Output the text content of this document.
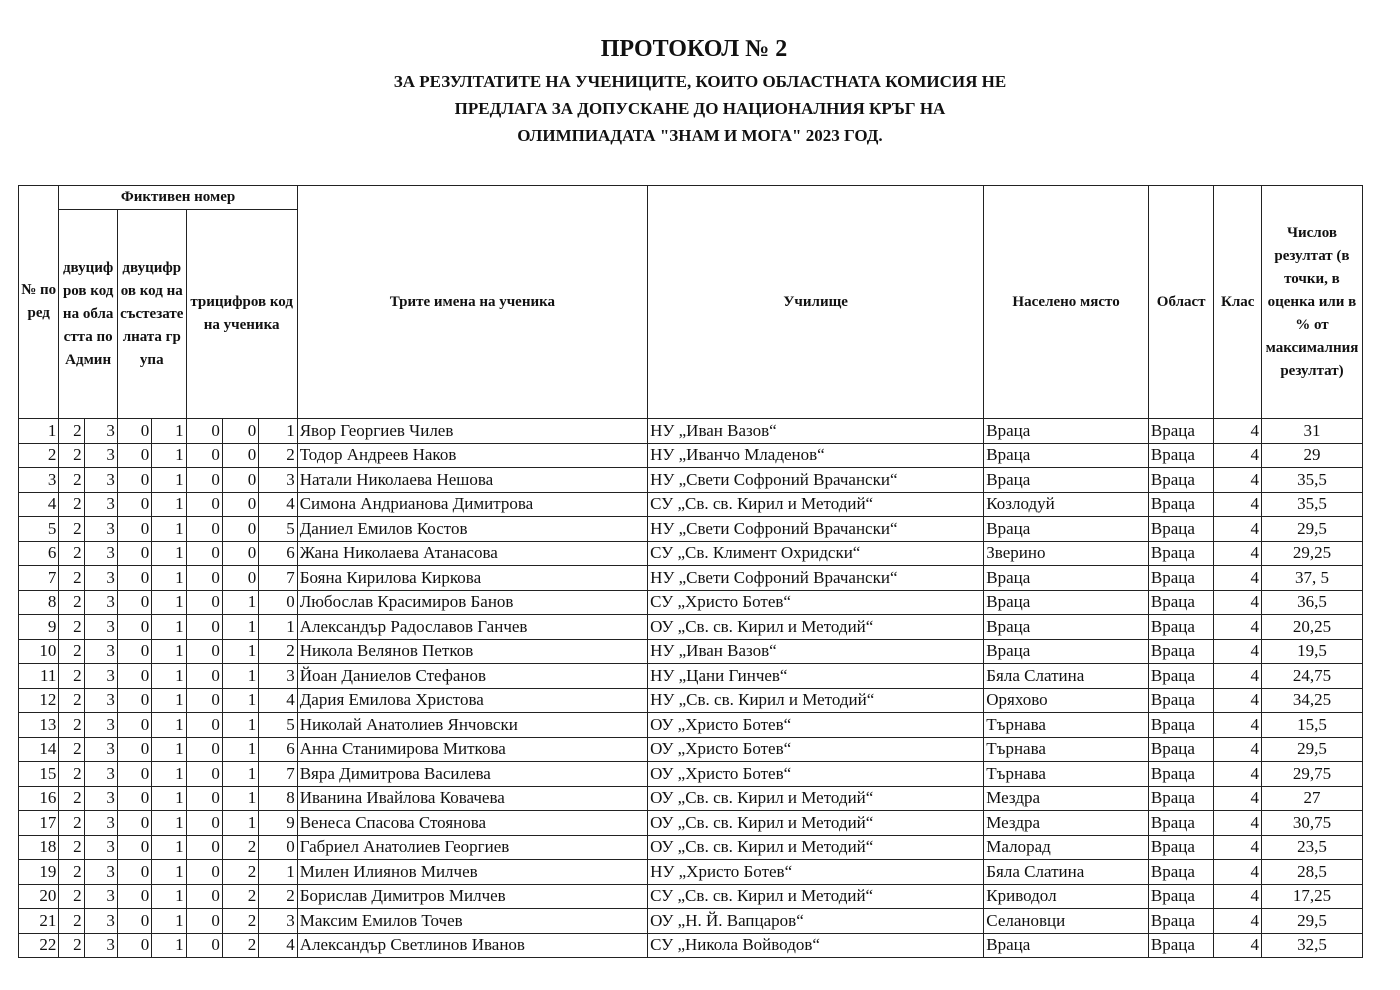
ПРОТОКОЛ № 2
ЗА РЕЗУЛТАТИТЕ НА УЧЕНИЦИТЕ, КОИТО ОБЛАСТНАТА КОМИСИЯ НЕ
ПРЕДЛАГА ЗА ДОПУСКАНЕ ДО НАЦИОНАЛНИЯ КРЪГ НА
ОЛИМПИАДАТА "ЗНАМ И МОГА" 2023 ГОД.
№ по ред	Фиктивен номер							Трите имена на ученика	Училище	Населено място	Област	Клас	Числов резултат (в точки, в оценка или в % от максималния резултат)

	двуцифров код на областта по Админ		двуцифров код на състезателната група		трицифров код на ученика								
1	2	3	0	1	0	0	1	Явор Георгиев Чилев	НУ „Иван Вазов“	Враца	Враца	4	31
2	2	3	0	1	0	0	2	Тодор Андреев Наков	НУ „Иванчо Младенов“	Враца	Враца	4	29
3	2	3	0	1	0	0	3	Натали Николаева Нешова	НУ „Свети Софроний Врачански“	Враца	Враца	4	35,5
4	2	3	0	1	0	0	4	Симона Андрианова Димитрова	СУ „Св. св. Кирил и Методий“	Козлодуй	Враца	4	35,5
5	2	3	0	1	0	0	5	Даниел Емилов Костов	НУ „Свети Софроний Врачански“	Враца	Враца	4	29,5
6	2	3	0	1	0	0	6	Жана Николаева Атанасова	СУ „Св. Климент Охридски“	Зверино	Враца	4	29,25
7	2	3	0	1	0	0	7	Бояна Кирилова Киркова	НУ „Свети Софроний Врачански“	Враца	Враца	4	37, 5
8	2	3	0	1	0	1	0	Любослав Красимиров Банов	СУ „Христо Ботев“	Враца	Враца	4	36,5
9	2	3	0	1	0	1	1	Александър Радославов Ганчев	ОУ „Св. св. Кирил и Методий“	Враца	Враца	4	20,25
10	2	3	0	1	0	1	2	Никола Велянов Петков	НУ „Иван Вазов“	Враца	Враца	4	19,5
11	2	3	0	1	0	1	3	Йоан Даниелов Стефанов	НУ „Цани Гинчев“	Бяла Слатина	Враца	4	24,75
12	2	3	0	1	0	1	4	Дария Емилова Христова	НУ „Св. св. Кирил и Методий“	Оряхово	Враца	4	34,25
13	2	3	0	1	0	1	5	Николай Анатолиев Янчовски	ОУ „Христо Ботев“	Търнава	Враца	4	15,5
14	2	3	0	1	0	1	6	Анна Станимирова Миткова	ОУ „Христо Ботев“	Търнава	Враца	4	29,5
15	2	3	0	1	0	1	7	Вяра Димитрова Василева	ОУ „Христо Ботев“	Търнава	Враца	4	29,75
16	2	3	0	1	0	1	8	Иванина Ивайлова Ковачева	ОУ „Св. св. Кирил и Методий“	Мездра	Враца	4	27
17	2	3	0	1	0	1	9	Венеса Спасова Стоянова	ОУ „Св. св. Кирил и Методий“	Мездра	Враца	4	30,75
18	2	3	0	1	0	2	0	Габриел Анатолиев Георгиев	ОУ „Св. св. Кирил и Методий“	Малорад	Враца	4	23,5
19	2	3	0	1	0	2	1	Милен Илиянов Милчев	НУ „Христо Ботев“	Бяла Слатина	Враца	4	28,5
20	2	3	0	1	0	2	2	Борислав Димитров Милчев	СУ „Св. св. Кирил и Методий“	Криводол	Враца	4	17,25
21	2	3	0	1	0	2	3	Максим Емилов Точев	ОУ „Н. Й. Вапцаров“	Селановци	Враца	4	29,5
22	2	3	0	1	0	2	4	Александър Светлинов Иванов	СУ „Никола Войводов“	Враца	Враца	4	32,5
